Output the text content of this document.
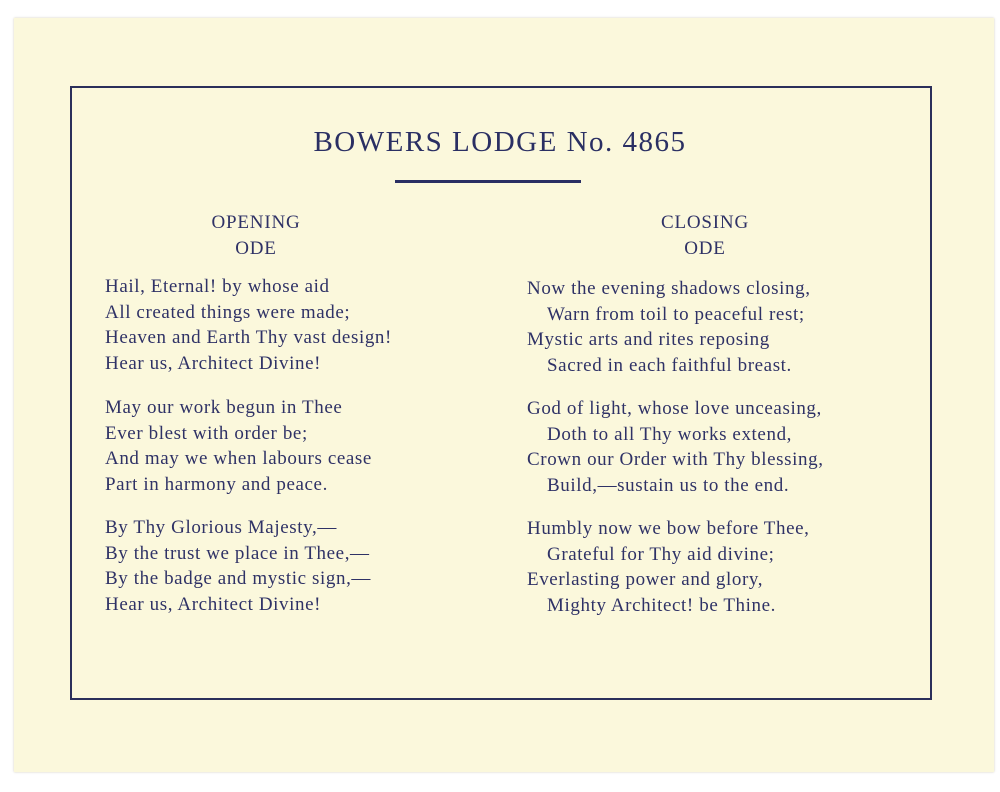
BOWERS LODGE No. 4865
OPENING
ODE
Hail, Eternal! by whose aid
All created things were made;
Heaven and Earth Thy vast design!
Hear us, Architect Divine!
May our work begun in Thee
Ever blest with order be;
And may we when labours cease
Part in harmony and peace.
By Thy Glorious Majesty,—
By the trust we place in Thee,—
By the badge and mystic sign,—
Hear us, Architect Divine!
CLOSING
ODE
Now the evening shadows closing,
Warn from toil to peaceful rest;
Mystic arts and rites reposing
Sacred in each faithful breast.
God of light, whose love unceasing,
Doth to all Thy works extend,
Crown our Order with Thy blessing,
Build,—sustain us to the end.
Humbly now we bow before Thee,
Grateful for Thy aid divine;
Everlasting power and glory,
Mighty Architect! be Thine.
